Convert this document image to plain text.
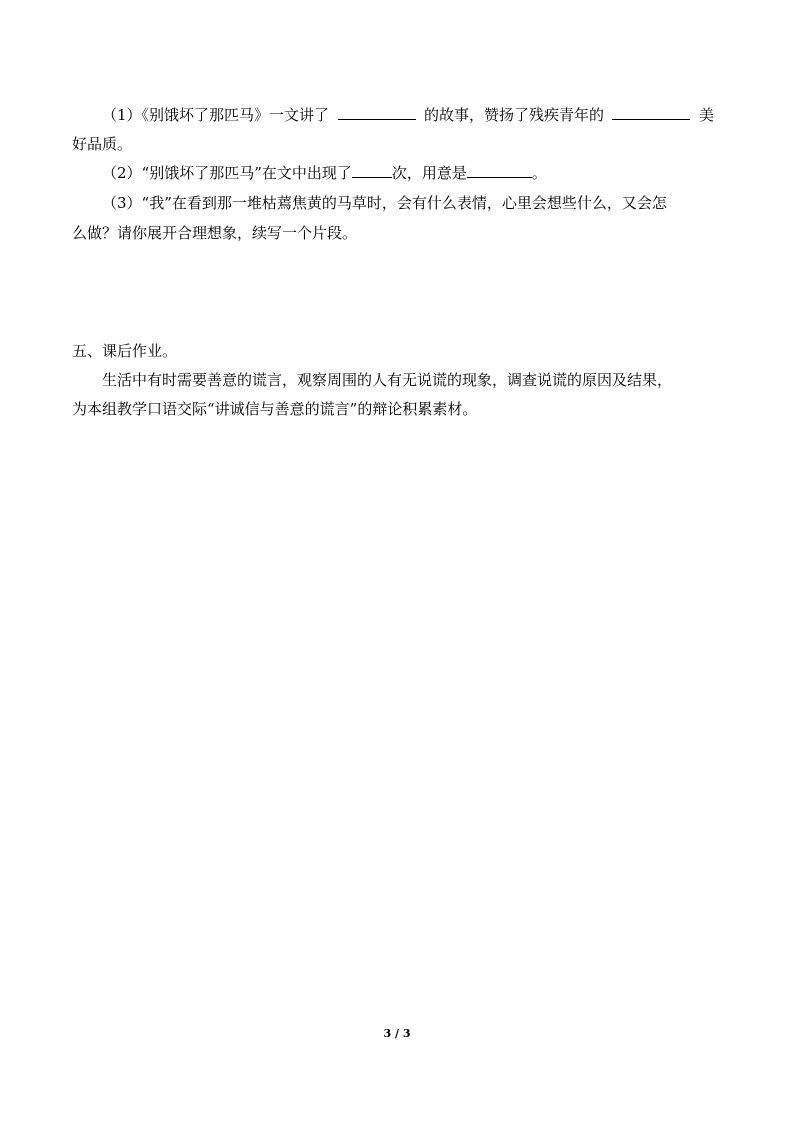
（1）《别饿坏了那匹马》一文讲了	的故事，赞扬了残疾青年的	美
好品质。
（2）“别饿坏了那匹马”在文中出现了	次，用意是	。
（3）“我”在看到那一堆枯蔫焦黄的马草时，会有什么表情，心里会想些什么，又会怎
么做？请你展开合理想象，续写一个片段。
五、课后作业。
生活中有时需要善意的谎言，观察周围的人有无说谎的现象，调查说谎的原因及结果，
为本组教学口语交际“讲诚信与善意的谎言”的辩论积累素材。
3 / 3
